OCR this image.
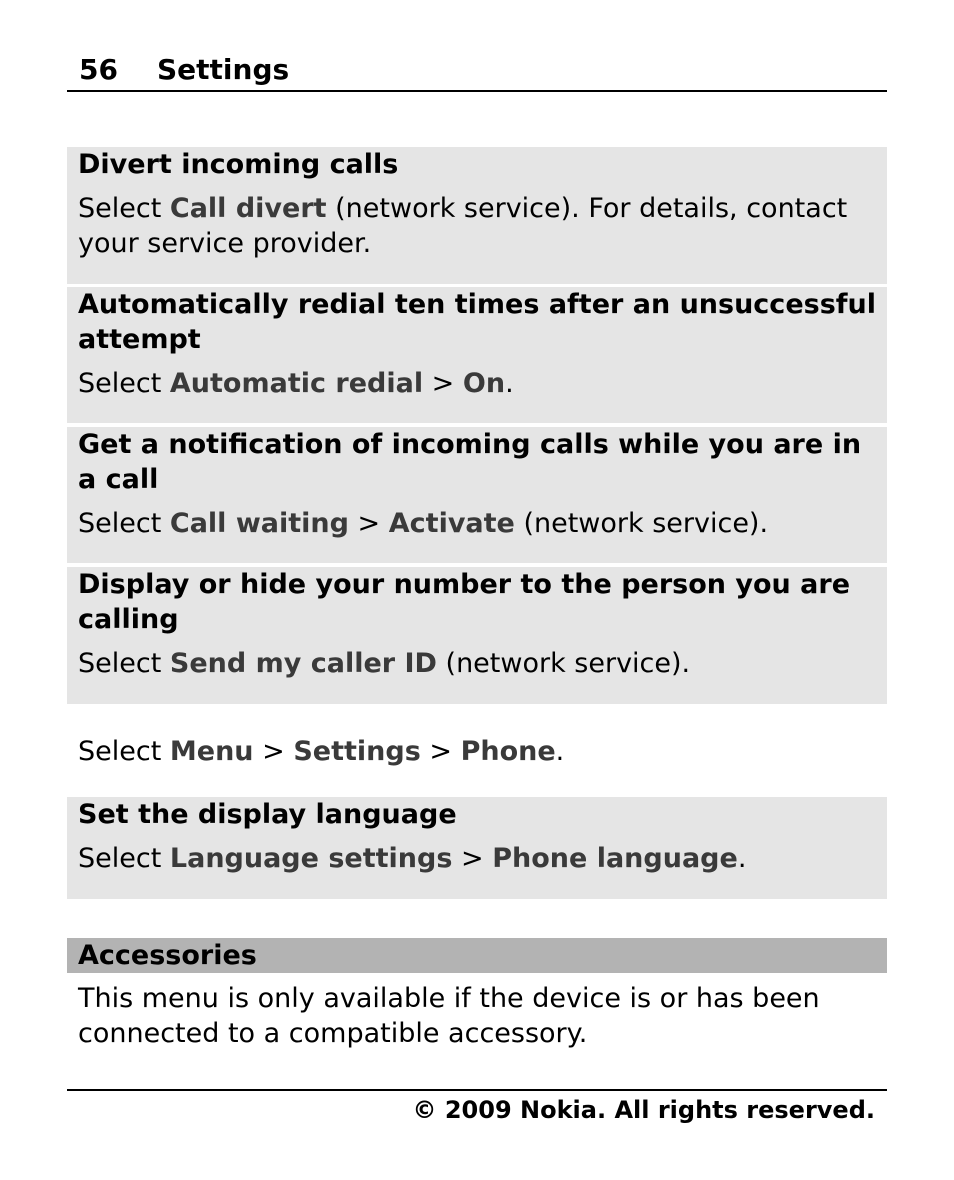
56 Settings
Divert incoming calls
Select Call divert (network service). For details, contact your service provider.
Automatically redial ten times after an unsuccessful attempt
Select Automatic redial > On.
Get a notification of incoming calls while you are in a call
Select Call waiting > Activate (network service).
Display or hide your number to the person you are calling
Select Send my caller ID (network service).
Select Menu > Settings > Phone.
Set the display language
Select Language settings > Phone language.
Accessories
This menu is only available if the device is or has been connected to a compatible accessory.
© 2009 Nokia. All rights reserved.
